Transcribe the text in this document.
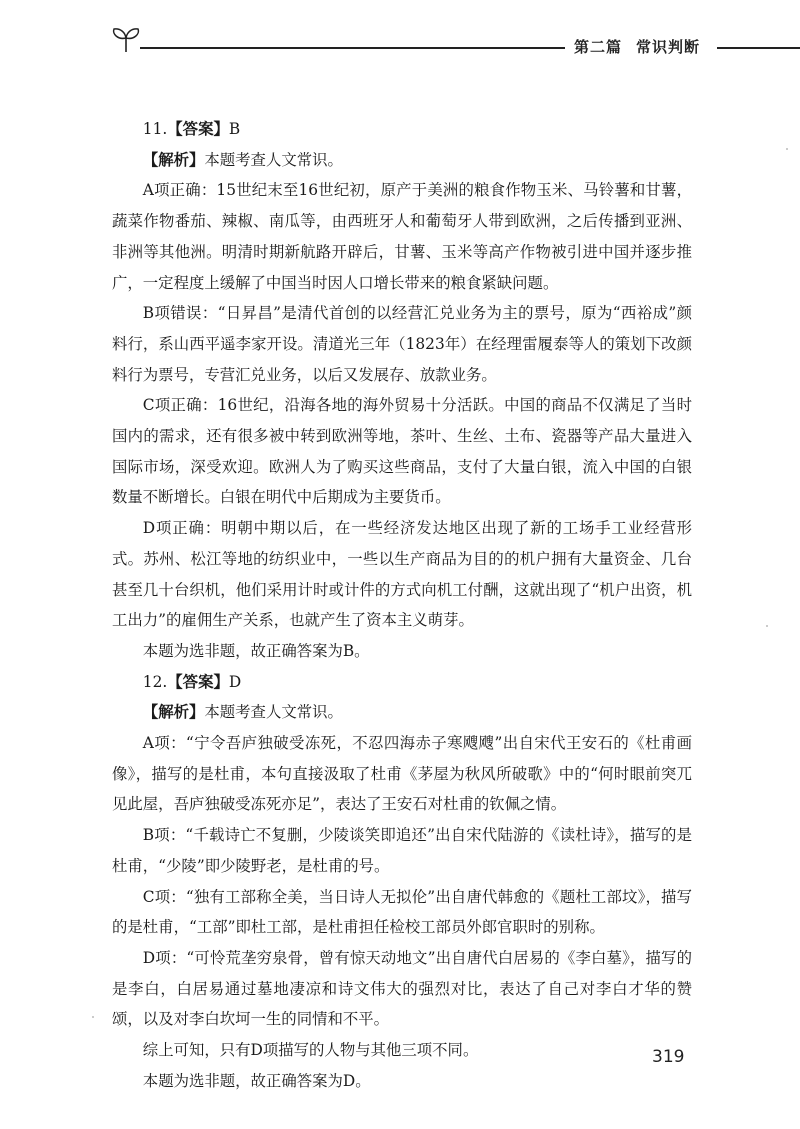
第二篇 常识判断

11.【答案】B

【解析】本题考查人文常识。

A项正确：15世纪末至16世纪初，原产于美洲的粮食作物玉米、马铃薯和甘薯，蔬菜作物番茄、辣椒、南瓜等，由西班牙人和葡萄牙人带到欧洲，之后传播到亚洲、非洲等其他洲。明清时期新航路开辟后，甘薯、玉米等高产作物被引进中国并逐步推广，一定程度上缓解了中国当时因人口增长带来的粮食紧缺问题。

B项错误：“日昇昌”是清代首创的以经营汇兑业务为主的票号，原为“西裕成”颜料行，系山西平遥李家开设。清道光三年（1823年）在经理雷履泰等人的策划下改颜料行为票号，专营汇兑业务，以后又发展存、放款业务。

C项正确：16世纪，沿海各地的海外贸易十分活跃。中国的商品不仅满足了当时国内的需求，还有很多被中转到欧洲等地，茶叶、生丝、土布、瓷器等产品大量进入国际市场，深受欢迎。欧洲人为了购买这些商品，支付了大量白银，流入中国的白银数量不断增长。白银在明代中后期成为主要货币。

D项正确：明朝中期以后，在一些经济发达地区出现了新的工场手工业经营形式。苏州、松江等地的纺织业中，一些以生产商品为目的的机户拥有大量资金、几台甚至几十台织机，他们采用计时或计件的方式向机工付酬，这就出现了“机户出资，机工出力”的雇佣生产关系，也就产生了资本主义萌芽。

本题为选非题，故正确答案为B。

12.【答案】D

【解析】本题考查人文常识。

A项：“宁令吾庐独破受冻死，不忍四海赤子寒飕飕”出自宋代王安石的《杜甫画像》，描写的是杜甫，本句直接汲取了杜甫《茅屋为秋风所破歌》中的“何时眼前突兀见此屋，吾庐独破受冻死亦足”，表达了王安石对杜甫的钦佩之情。

B项：“千载诗亡不复删，少陵谈笑即追还”出自宋代陆游的《读杜诗》，描写的是杜甫，“少陵”即少陵野老，是杜甫的号。

C项：“独有工部称全美，当日诗人无拟伦”出自唐代韩愈的《题杜工部坟》，描写的是杜甫，“工部”即杜工部，是杜甫担任检校工部员外郎官职时的别称。

D项：“可怜荒垄穷泉骨，曾有惊天动地文”出自唐代白居易的《李白墓》，描写的是李白，白居易通过墓地凄凉和诗文伟大的强烈对比，表达了自己对李白才华的赞颂，以及对李白坎坷一生的同情和不平。

综上可知，只有D项描写的人物与其他三项不同。

本题为选非题，故正确答案为D。

319
